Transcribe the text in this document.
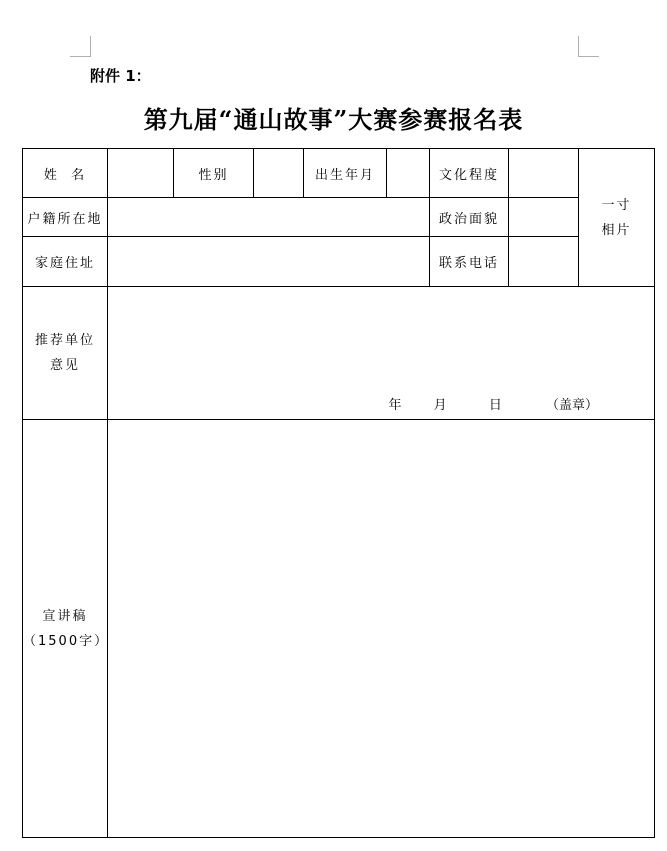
附件 1：
第九届“通山故事”大赛参赛报名表
姓  名		性别		出生年月		文化程度		一寸
相片

户籍所在地						政治面貌		
家庭住址						联系电话		

推荐单位
意见	年 月 日 （盖章）							

宣讲稿
（1500字）								
